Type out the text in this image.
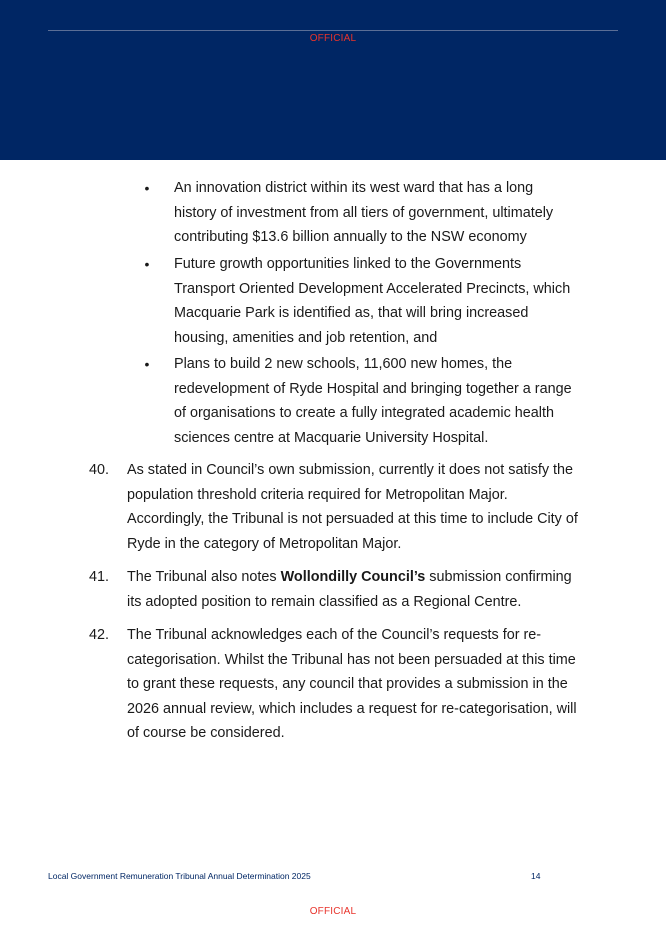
OFFICIAL
• An innovation district within its west ward that has a long history of investment from all tiers of government, ultimately contributing $13.6 billion annually to the NSW economy
• Future growth opportunities linked to the Governments Transport Oriented Development Accelerated Precincts, which Macquarie Park is identified as, that will bring increased housing, amenities and job retention, and
• Plans to build 2 new schools, 11,600 new homes, the redevelopment of Ryde Hospital and bringing together a range of organisations to create a fully integrated academic health sciences centre at Macquarie University Hospital.
40. As stated in Council’s own submission, currently it does not satisfy the population threshold criteria required for Metropolitan Major. Accordingly, the Tribunal is not persuaded at this time to include City of Ryde in the category of Metropolitan Major.
41. The Tribunal also notes Wollondilly Council’s submission confirming its adopted position to remain classified as a Regional Centre.
42. The Tribunal acknowledges each of the Council’s requests for re-categorisation. Whilst the Tribunal has not been persuaded at this time to grant these requests, any council that provides a submission in the 2026 annual review, which includes a request for re-categorisation, will of course be considered.
Local Government Remuneration Tribunal Annual Determination 2025	14
OFFICIAL
